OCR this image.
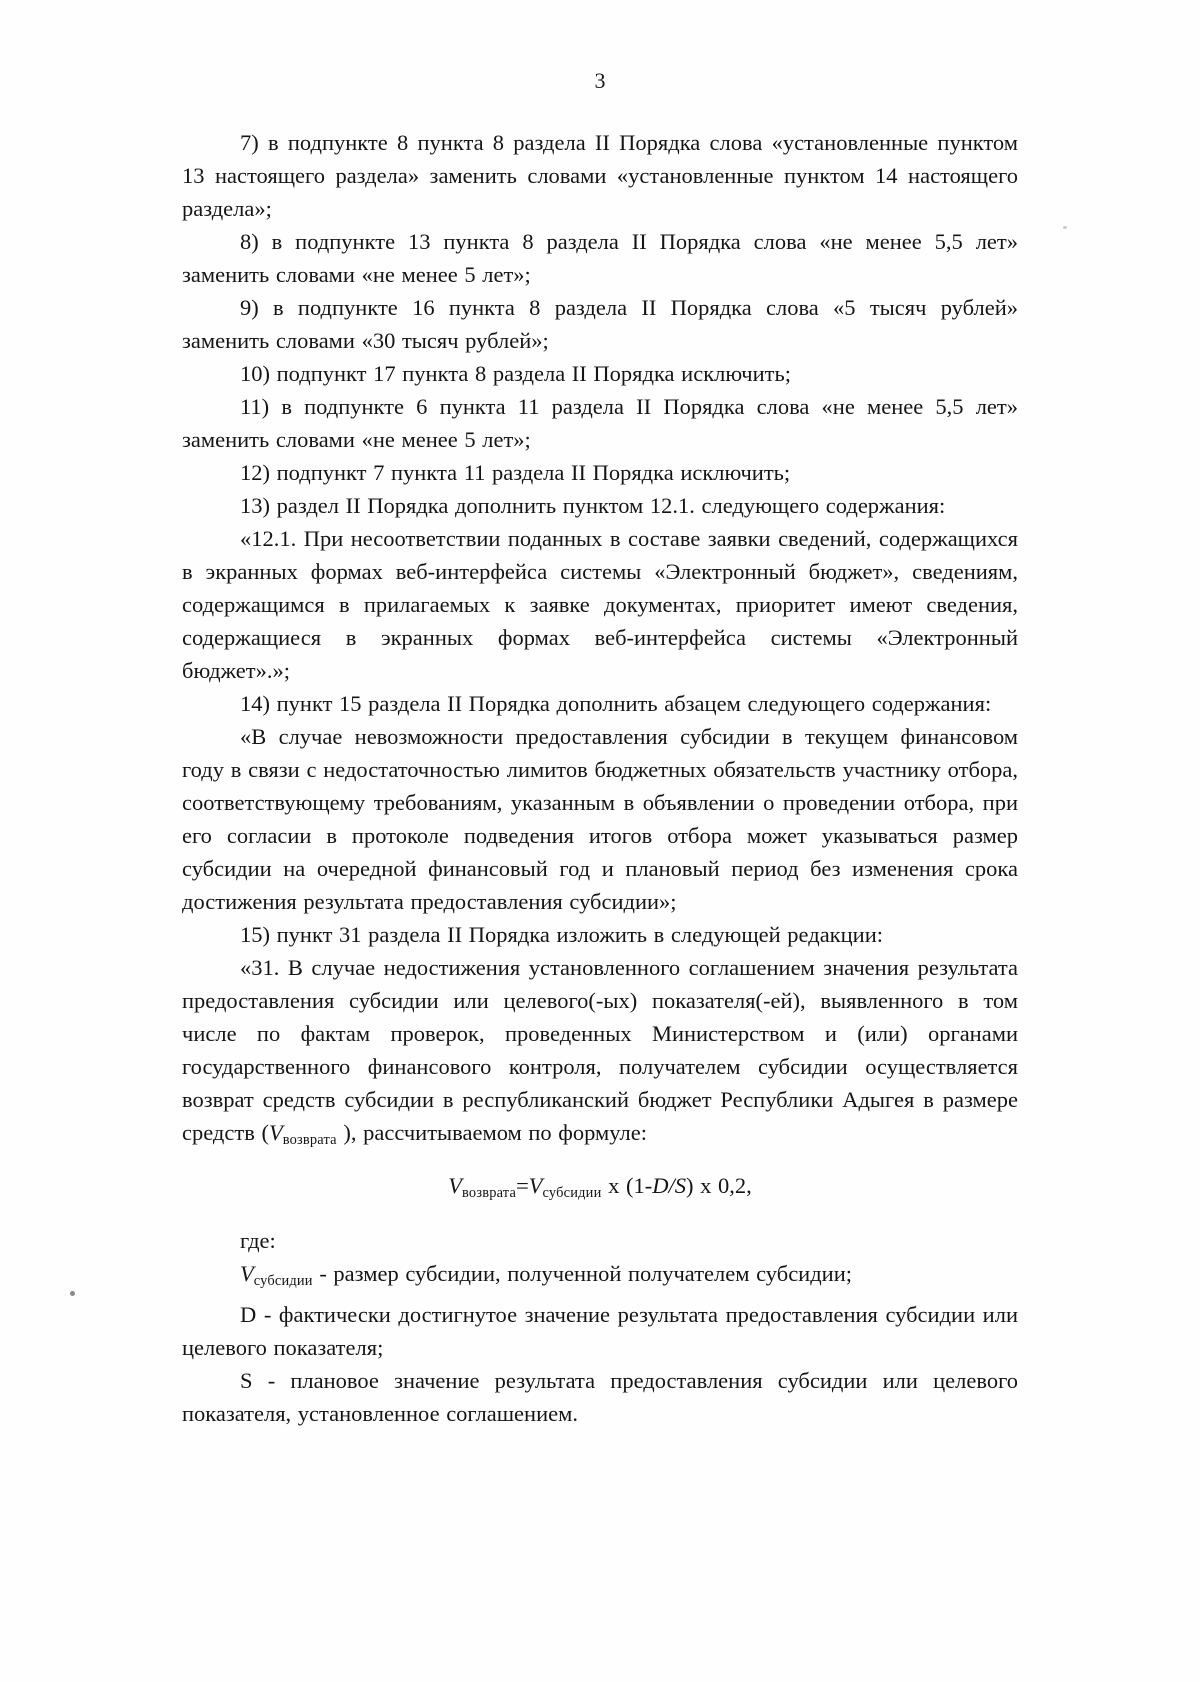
3

7) в подпункте 8 пункта 8 раздела II Порядка слова «установленные пунктом 13 настоящего раздела» заменить словами «установленные пунктом 14 настоящего раздела»;

8) в подпункте 13 пункта 8 раздела II Порядка слова «не менее 5,5 лет» заменить словами «не менее 5 лет»;

9) в подпункте 16 пункта 8 раздела II Порядка слова «5 тысяч рублей» заменить словами «30 тысяч рублей»;

10) подпункт 17 пункта 8 раздела II Порядка исключить;

11) в подпункте 6 пункта 11 раздела II Порядка слова «не менее 5,5 лет» заменить словами «не менее 5 лет»;

12) подпункт 7 пункта 11 раздела II Порядка исключить;

13) раздел II Порядка дополнить пунктом 12.1. следующего содержания:

«12.1. При несоответствии поданных в составе заявки сведений, содержащихся в экранных формах веб-интерфейса системы «Электронный бюджет», сведениям, содержащимся в прилагаемых к заявке документах, приоритет имеют сведения, содержащиеся в экранных формах веб-интерфейса системы «Электронный бюджет».»;

14) пункт 15 раздела II Порядка дополнить абзацем следующего содержания:

«В случае невозможности предоставления субсидии в текущем финансовом году в связи с недостаточностью лимитов бюджетных обязательств участнику отбора, соответствующему требованиям, указанным в объявлении о проведении отбора, при его согласии в протоколе подведения итогов отбора может указываться размер субсидии на очередной финансовый год и плановый период без изменения срока достижения результата предоставления субсидии»;

15) пункт 31 раздела II Порядка изложить в следующей редакции:

«31. В случае недостижения установленного соглашением значения результата предоставления субсидии или целевого(-ых) показателя(-ей), выявленного в том числе по фактам проверок, проведенных Министерством и (или) органами государственного финансового контроля, получателем субсидии осуществляется возврат средств субсидии в республиканский бюджет Республики Адыгея в размере средств ($V_{возврата}$ ), рассчитываемом по формуле:

$V_{возврата}=V_{субсидии}$ x (1-D/S) x 0,2,

где:

$V_{субсидии}$ - размер субсидии, полученной получателем субсидии;

D - фактически достигнутое значение результата предоставления субсидии или целевого показателя;

S - плановое значение результата предоставления субсидии или целевого показателя, установленное соглашением.
